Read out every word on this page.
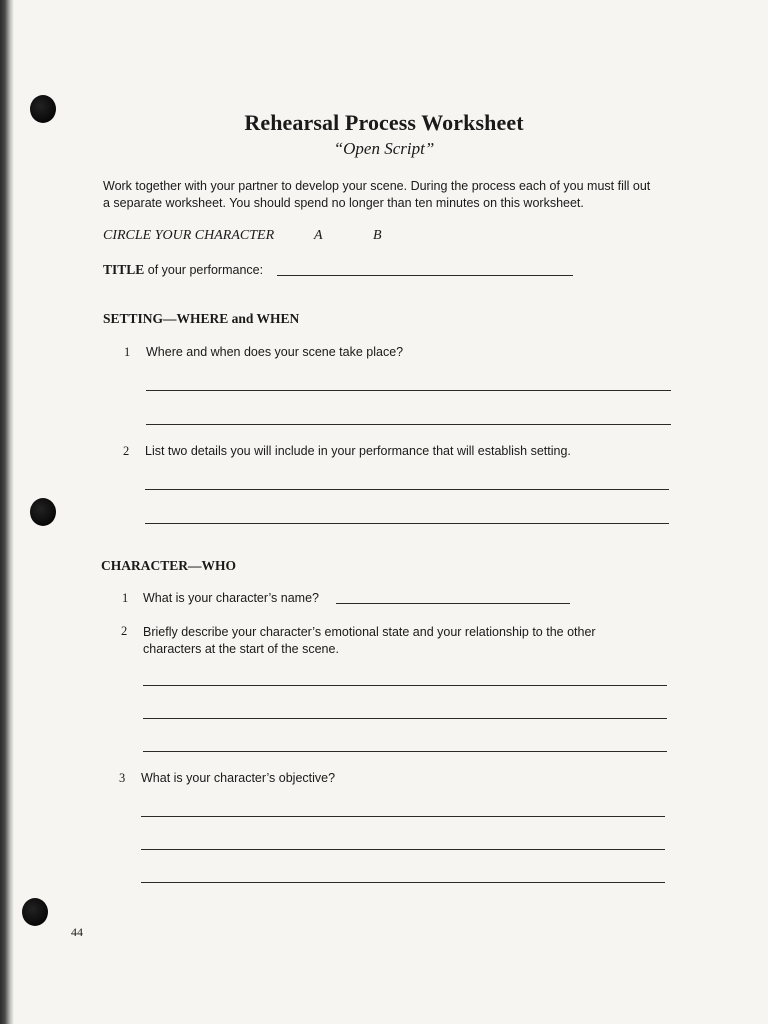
Rehearsal Process Worksheet
“Open Script”
Work together with your partner to develop your scene. During the process each of you must fill out
a separate worksheet. You should spend no longer than ten minutes on this worksheet.
CIRCLE YOUR CHARACTER	A	B
TITLE of your performance:
SETTING—WHERE and WHEN
1 Where and when does your scene take place?
2 List two details you will include in your performance that will establish setting.
CHARACTER—WHO
1 What is your character’s name?
2 Briefly describe your character’s emotional state and your relationship to the other
characters at the start of the scene.
3 What is your character’s objective?
44
